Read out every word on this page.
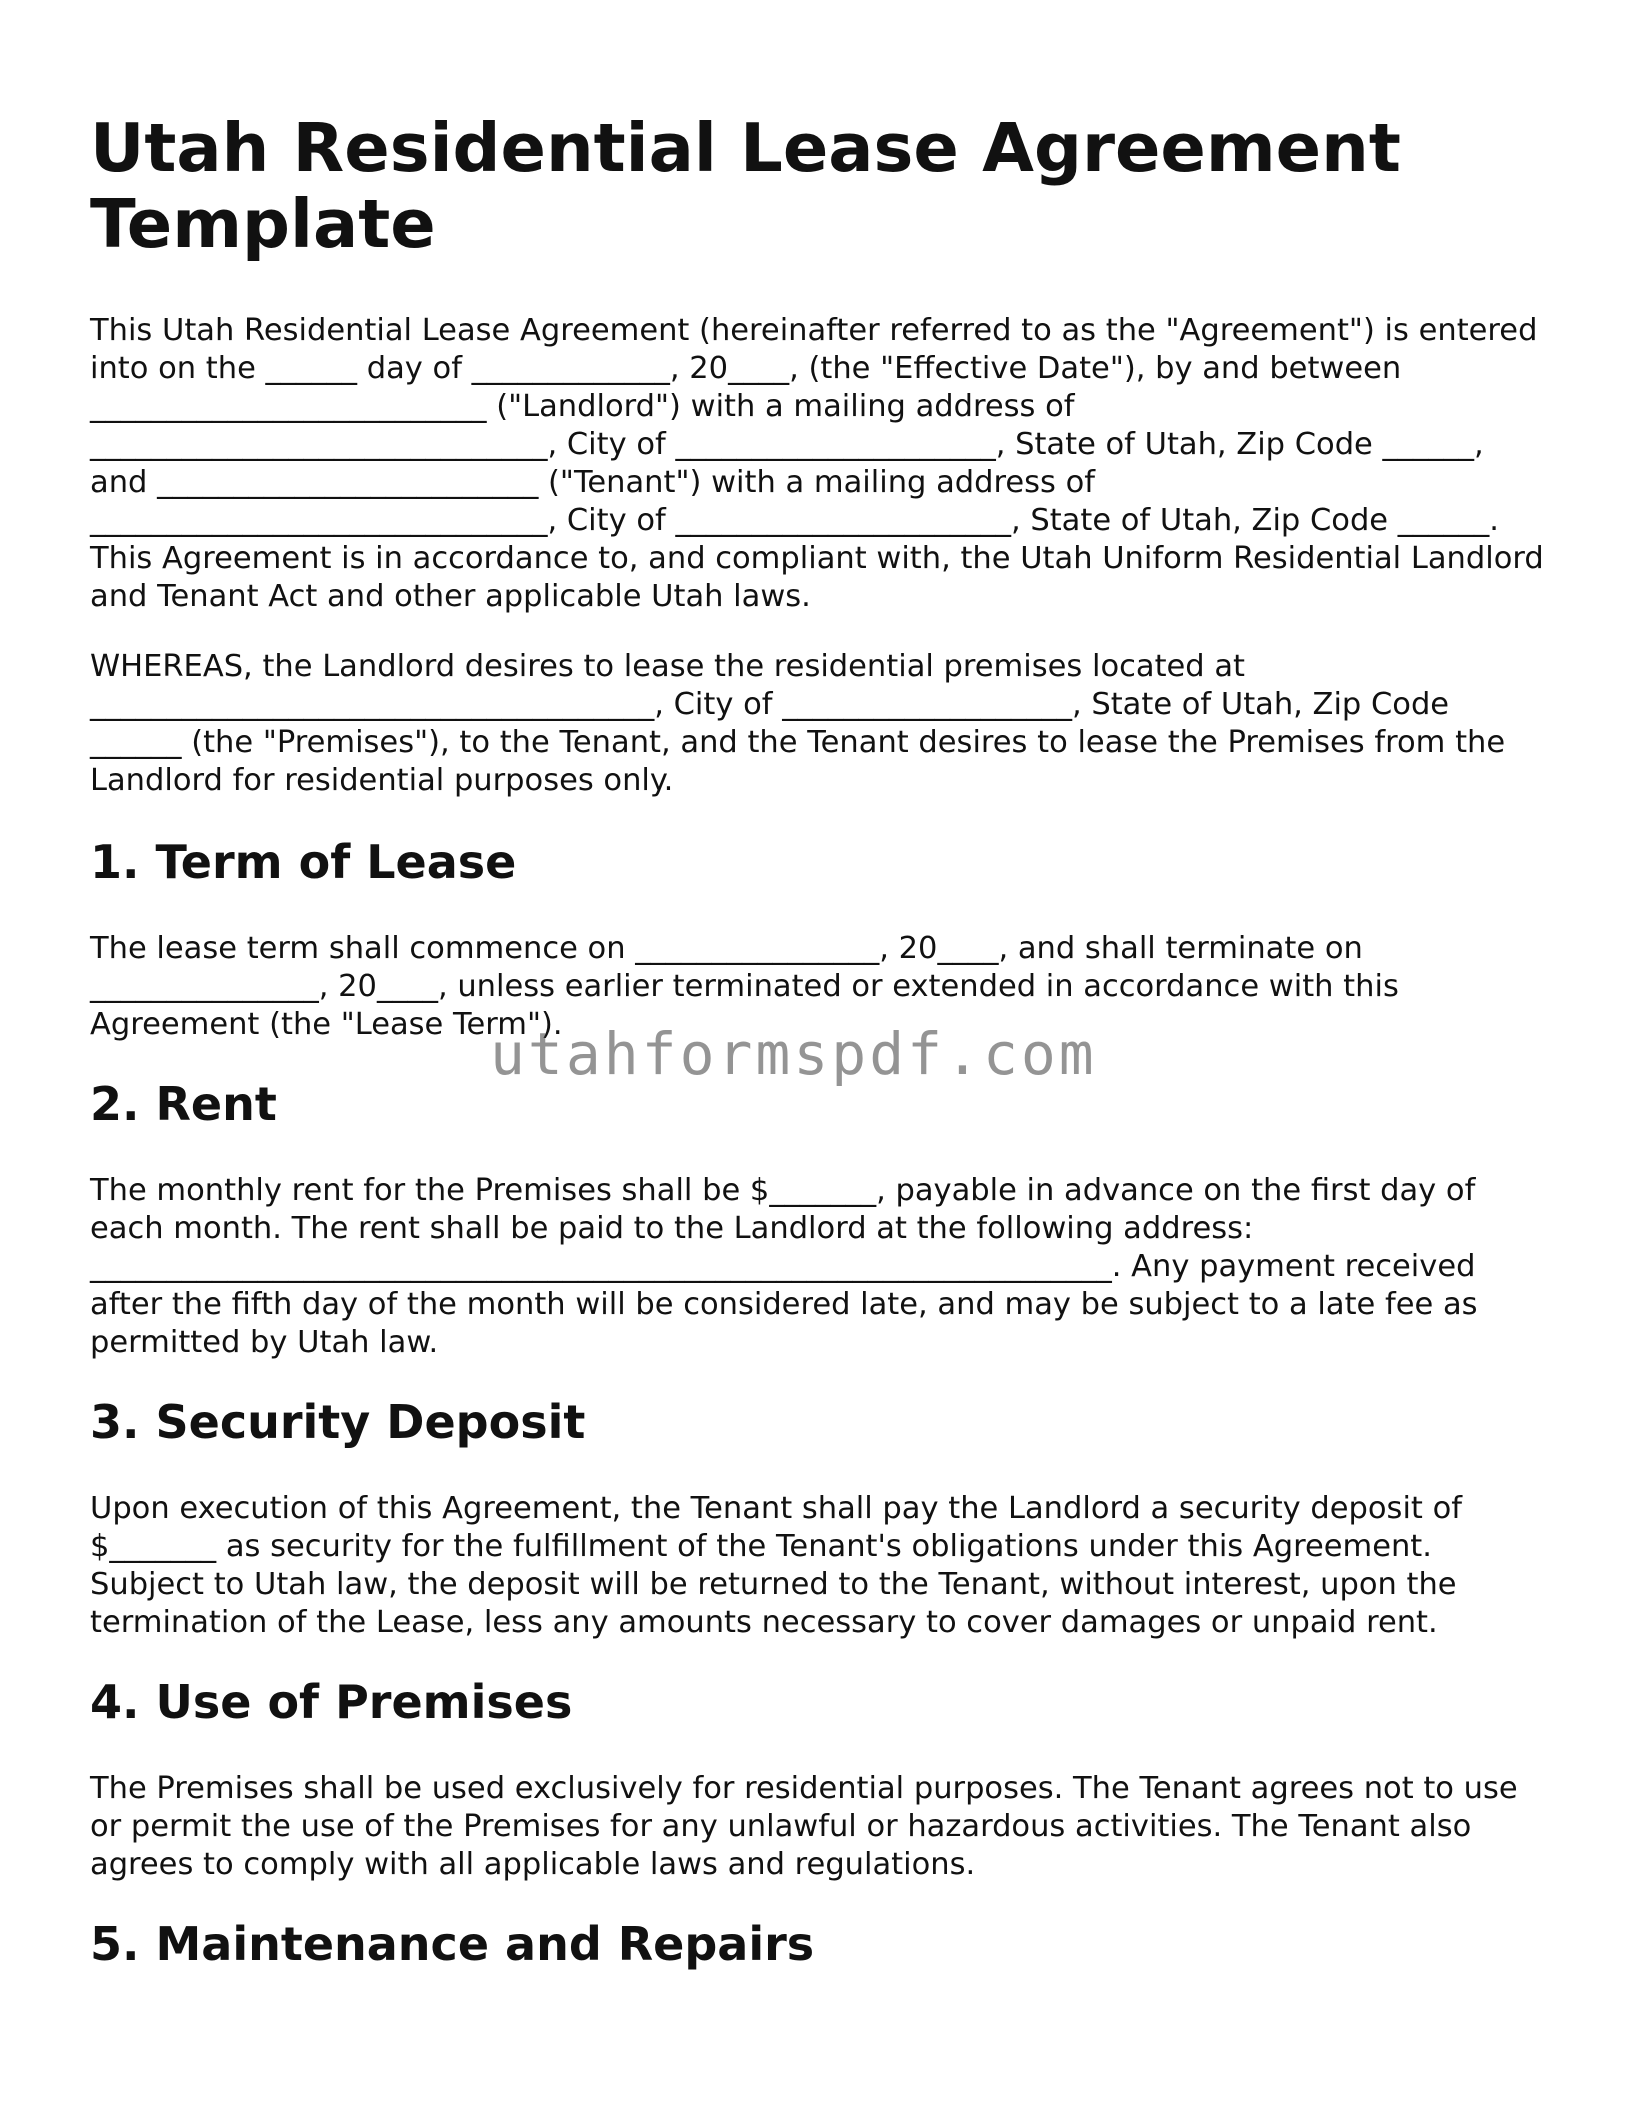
Utah Residential Lease Agreement Template

This Utah Residential Lease Agreement (hereinafter referred to as the "Agreement") is entered into on the ______ day of _____________, 20____, (the "Effective Date"), by and between __________________________ ("Landlord") with a mailing address of ______________________________, City of _____________________, State of Utah, Zip Code ______, and _________________________ ("Tenant") with a mailing address of ______________________________, City of ______________________, State of Utah, Zip Code ______. This Agreement is in accordance to, and compliant with, the Utah Uniform Residential Landlord and Tenant Act and other applicable Utah laws.

WHEREAS, the Landlord desires to lease the residential premises located at _____________________________________, City of ___________________, State of Utah, Zip Code ______ (the "Premises"), to the Tenant, and the Tenant desires to lease the Premises from the Landlord for residential purposes only.

1. Term of Lease

The lease term shall commence on ________________, 20____, and shall terminate on _______________, 20____, unless earlier terminated or extended in accordance with this Agreement (the "Lease Term").

2. Rent

The monthly rent for the Premises shall be $_______, payable in advance on the first day of each month. The rent shall be paid to the Landlord at the following address: ___________________________________________________________________. Any payment received after the fifth day of the month will be considered late, and may be subject to a late fee as permitted by Utah law.

3. Security Deposit

Upon execution of this Agreement, the Tenant shall pay the Landlord a security deposit of $_______ as security for the fulfillment of the Tenant's obligations under this Agreement. Subject to Utah law, the deposit will be returned to the Tenant, without interest, upon the termination of the Lease, less any amounts necessary to cover damages or unpaid rent.

4. Use of Premises

The Premises shall be used exclusively for residential purposes. The Tenant agrees not to use or permit the use of the Premises for any unlawful or hazardous activities. The Tenant also agrees to comply with all applicable laws and regulations.

5. Maintenance and Repairs
utahformspdf.com
